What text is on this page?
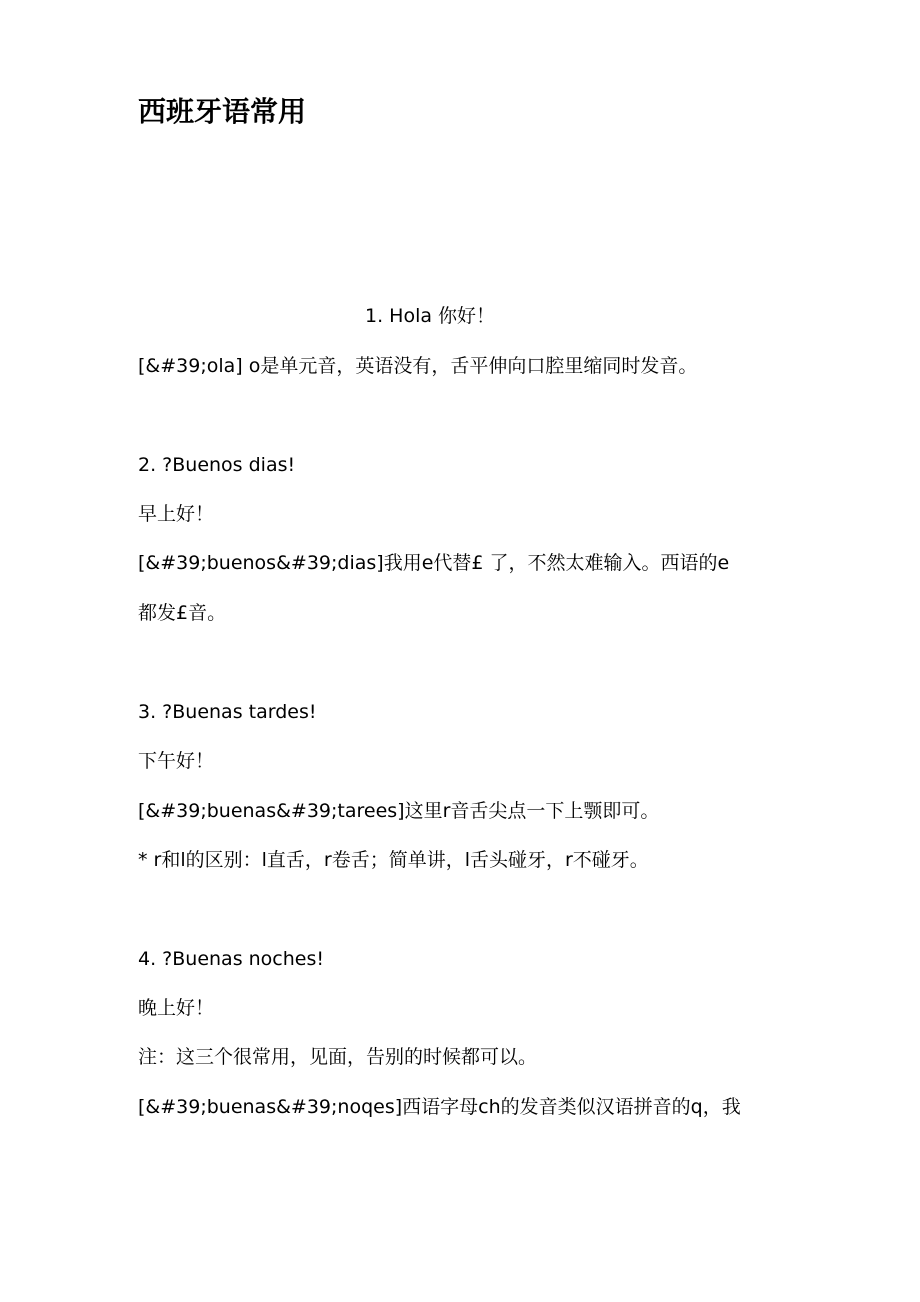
西班牙语常用
1. Hola 你好！
[&#39;ola] o是单元音，英语没有，舌平伸向口腔里缩同时发音。
2. ?Buenos dias!
早上好！
[&#39;buenos&#39;dias]我用e代替£ 了，不然太难输入。西语的e
都发£音。
3. ?Buenas tardes!
下午好！
[&#39;buenas&#39;tarees]这里r音舌尖点一下上颚即可。
* r和l的区别：l直舌，r卷舌；简单讲，l舌头碰牙，r不碰牙。
4. ?Buenas noches!
晚上好！
注：这三个很常用，见面，告别的时候都可以。
[&#39;buenas&#39;noqes]西语字母ch的发音类似汉语拼音的q，我
